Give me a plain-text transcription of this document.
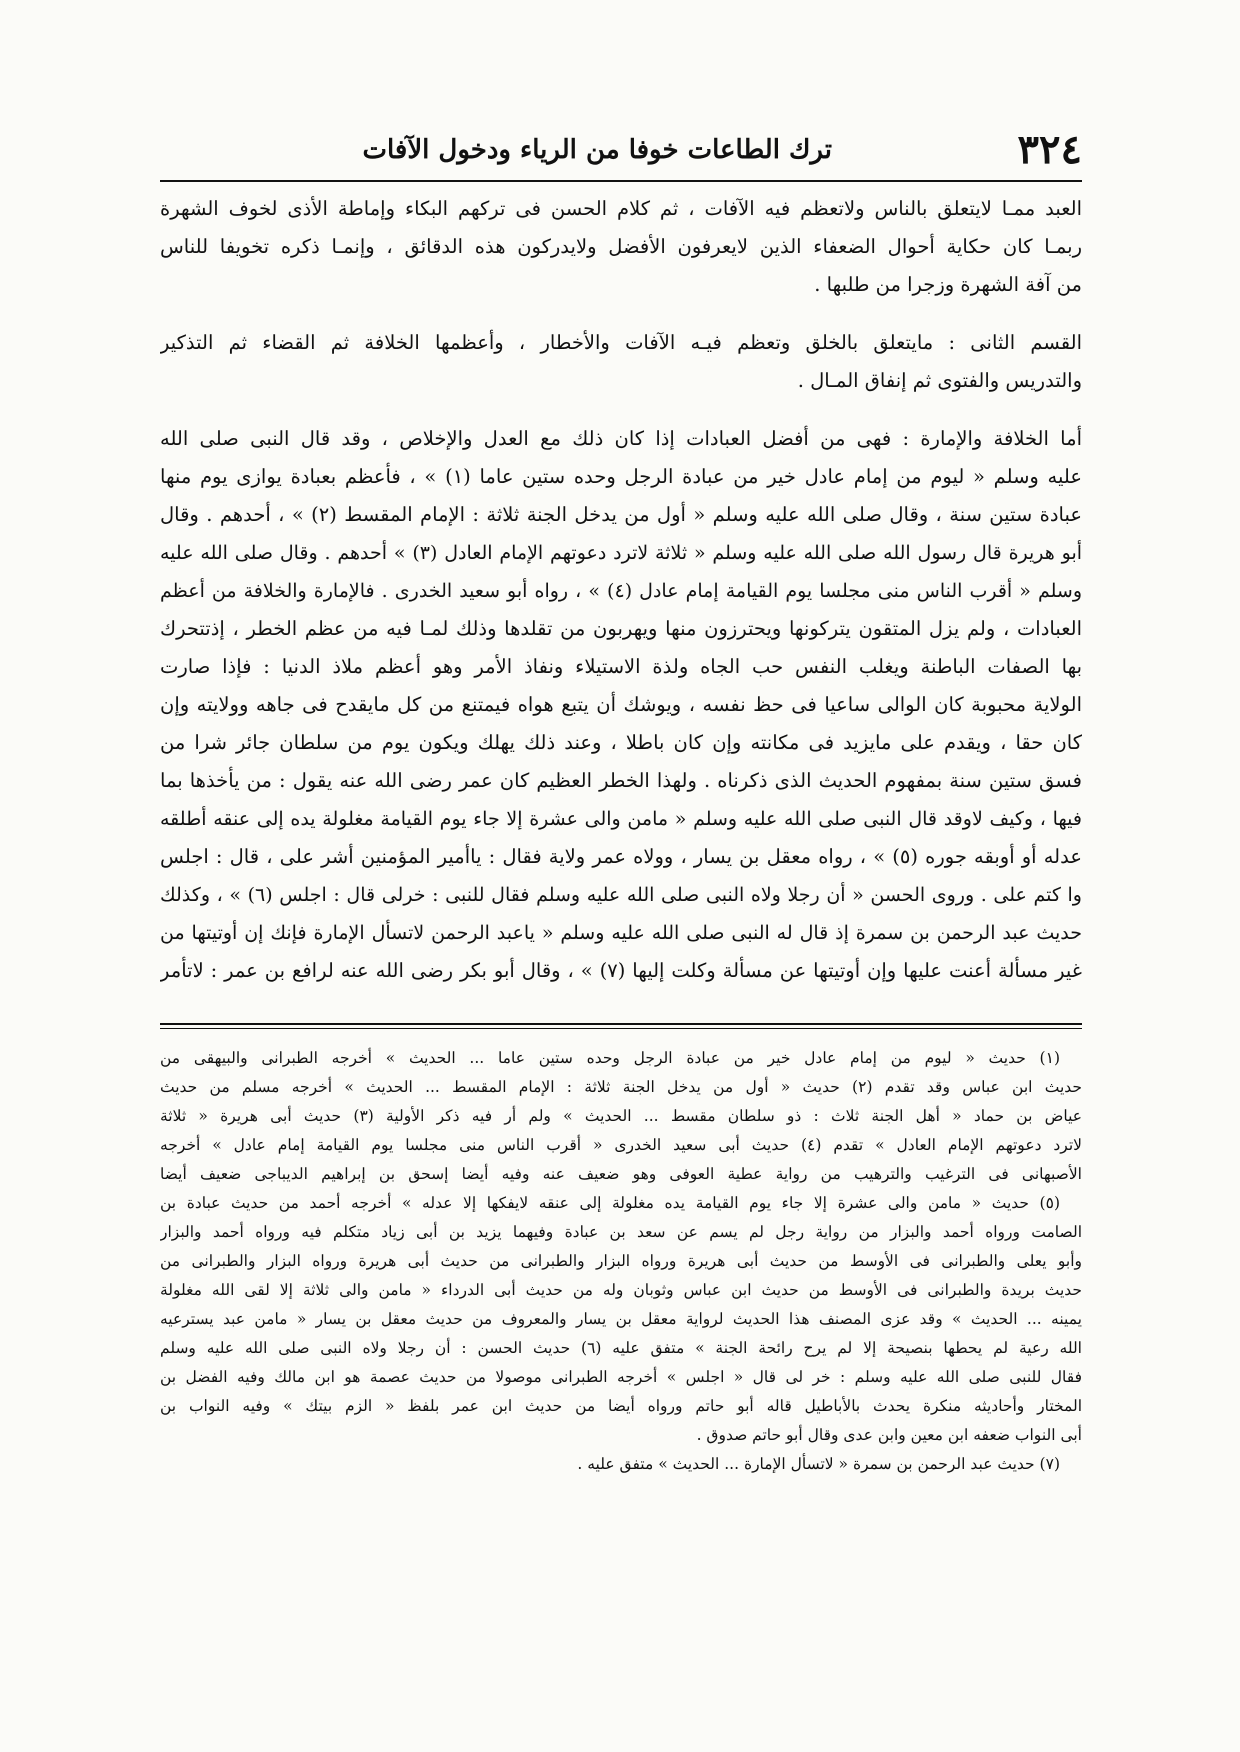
٣٢٤
ترك الطاعات خوفا من الرياء ودخول الآفات
العبد ممـا لايتعلق بالناس ولاتعظم فيه الآفات ، ثم كلام الحسن فى تركهم البكاء وإماطة الأذى لخوف الشهرة
ربمـا كان حكاية أحوال الضعفاء الذين لايعرفون الأفضل ولايدركون هذه الدقائق ، وإنمـا ذكره تخويفا للناس
من آفة الشهرة وزجرا من طلبها .
القسم الثانى : مايتعلق بالخلق وتعظم فيـه الآفات والأخطار ، وأعظمها الخلافة ثم القضاء ثم التذكير
والتدريس والفتوى ثم إنفاق المـال .
أما الخلافة والإمارة : فهى من أفضل العبادات إذا كان ذلك مع العدل والإخلاص ، وقد قال النبى صلى الله
عليه وسلم « ليوم من إمام عادل خير من عبادة الرجل وحده ستين عاما (١) » ، فأعظم بعبادة يوازى يوم منها
عبادة ستين سنة ، وقال صلى الله عليه وسلم « أول من يدخل الجنة ثلاثة : الإمام المقسط (٢) » ، أحدهم . وقال
أبو هريرة قال رسول الله صلى الله عليه وسلم « ثلاثة لاترد دعوتهم الإمام العادل (٣) » أحدهم . وقال صلى الله عليه
وسلم « أقرب الناس منى مجلسا يوم القيامة إمام عادل (٤) » ، رواه أبو سعيد الخدرى . فالإمارة والخلافة من أعظم
العبادات ، ولم يزل المتقون يتركونها ويحترزون منها ويهربون من تقلدها وذلك لمـا فيه من عظم الخطر ، إذتتحرك
بها الصفات الباطنة ويغلب النفس حب الجاه ولذة الاستيلاء ونفاذ الأمر وهو أعظم ملاذ الدنيا : فإذا صارت
الولاية محبوبة كان الوالى ساعيا فى حظ نفسه ، ويوشك أن يتبع هواه فيمتنع من كل مايقدح فى جاهه وولايته وإن
كان حقا ، ويقدم على مايزيد فى مكانته وإن كان باطلا ، وعند ذلك يهلك ويكون يوم من سلطان جائر شرا من
فسق ستين سنة بمفهوم الحديث الذى ذكرناه . ولهذا الخطر العظيم كان عمر رضى الله عنه يقول : من يأخذها بما
فيها ، وكيف لاوقد قال النبى صلى الله عليه وسلم « مامن والى عشرة إلا جاء يوم القيامة مغلولة يده إلى عنقه أطلقه
عدله أو أوبقه جوره (٥) » ، رواه معقل بن يسار ، وولاه عمر ولاية فقال : ياأمير المؤمنين أشر على ، قال : اجلس
وا كتم على . وروى الحسن « أن رجلا ولاه النبى صلى الله عليه وسلم فقال للنبى : خرلى قال : اجلس (٦) » ، وكذلك
حديث عبد الرحمن بن سمرة إذ قال له النبى صلى الله عليه وسلم « ياعبد الرحمن لاتسأل الإمارة فإنك إن أوتيتها من
غير مسألة أعنت عليها وإن أوتيتها عن مسألة وكلت إليها (٧) » ، وقال أبو بكر رضى الله عنه لرافع بن عمر : لاتأمر
(١) حديث « ليوم من إمام عادل خير من عبادة الرجل وحده ستين عاما ... الحديث » أخرجه الطبرانى والبيهقى من
حديث ابن عباس وقد تقدم (٢) حديث « أول من يدخل الجنة ثلاثة : الإمام المقسط ... الحديث » أخرجه مسلم من حديث
عياض بن حماد « أهل الجنة ثلاث : ذو سلطان مقسط ... الحديث » ولم أر فيه ذكر الأولية (٣) حديث أبى هريرة « ثلاثة
لاترد دعوتهم الإمام العادل » تقدم (٤) حديث أبى سعيد الخدرى « أقرب الناس منى مجلسا يوم القيامة إمام عادل » أخرجه
الأصبهانى فى الترغيب والترهيب من رواية عطية العوفى وهو ضعيف عنه وفيه أيضا إسحق بن إبراهيم الديباجى ضعيف أيضا
(٥) حديث « مامن والى عشرة إلا جاء يوم القيامة يده مغلولة إلى عنقه لايفكها إلا عدله » أخرجه أحمد من حديث عبادة بن
الصامت ورواه أحمد والبزار من رواية رجل لم يسم عن سعد بن عبادة وفيهما يزيد بن أبى زياد متكلم فيه ورواه أحمد والبزار
وأبو يعلى والطبرانى فى الأوسط من حديث أبى هريرة ورواه البزار والطبرانى من حديث أبى هريرة ورواه البزار والطبرانى من
حديث بريدة والطبرانى فى الأوسط من حديث ابن عباس وثوبان وله من حديث أبى الدرداء « مامن والى ثلاثة إلا لقى الله مغلولة
يمينه ... الحديث » وقد عزى المصنف هذا الحديث لرواية معقل بن يسار والمعروف من حديث معقل بن يسار « مامن عبد يسترعيه
الله رعية لم يحطها بنصيحة إلا لم يرح رائحة الجنة » متفق عليه (٦) حديث الحسن : أن رجلا ولاه النبى صلى الله عليه وسلم
فقال للنبى صلى الله عليه وسلم : خر لى قال « اجلس » أخرجه الطبرانى موصولا من حديث عصمة هو ابن مالك وفيه الفضل بن
المختار وأحاديثه منكرة يحدث بالأباطيل قاله أبو حاتم ورواه أيضا من حديث ابن عمر بلفظ « الزم بيتك » وفيه النواب بن
أبى النواب ضعفه ابن معين وابن عدى وقال أبو حاتم صدوق .
(٧) حديث عبد الرحمن بن سمرة « لاتسأل الإمارة ... الحديث » متفق عليه .
